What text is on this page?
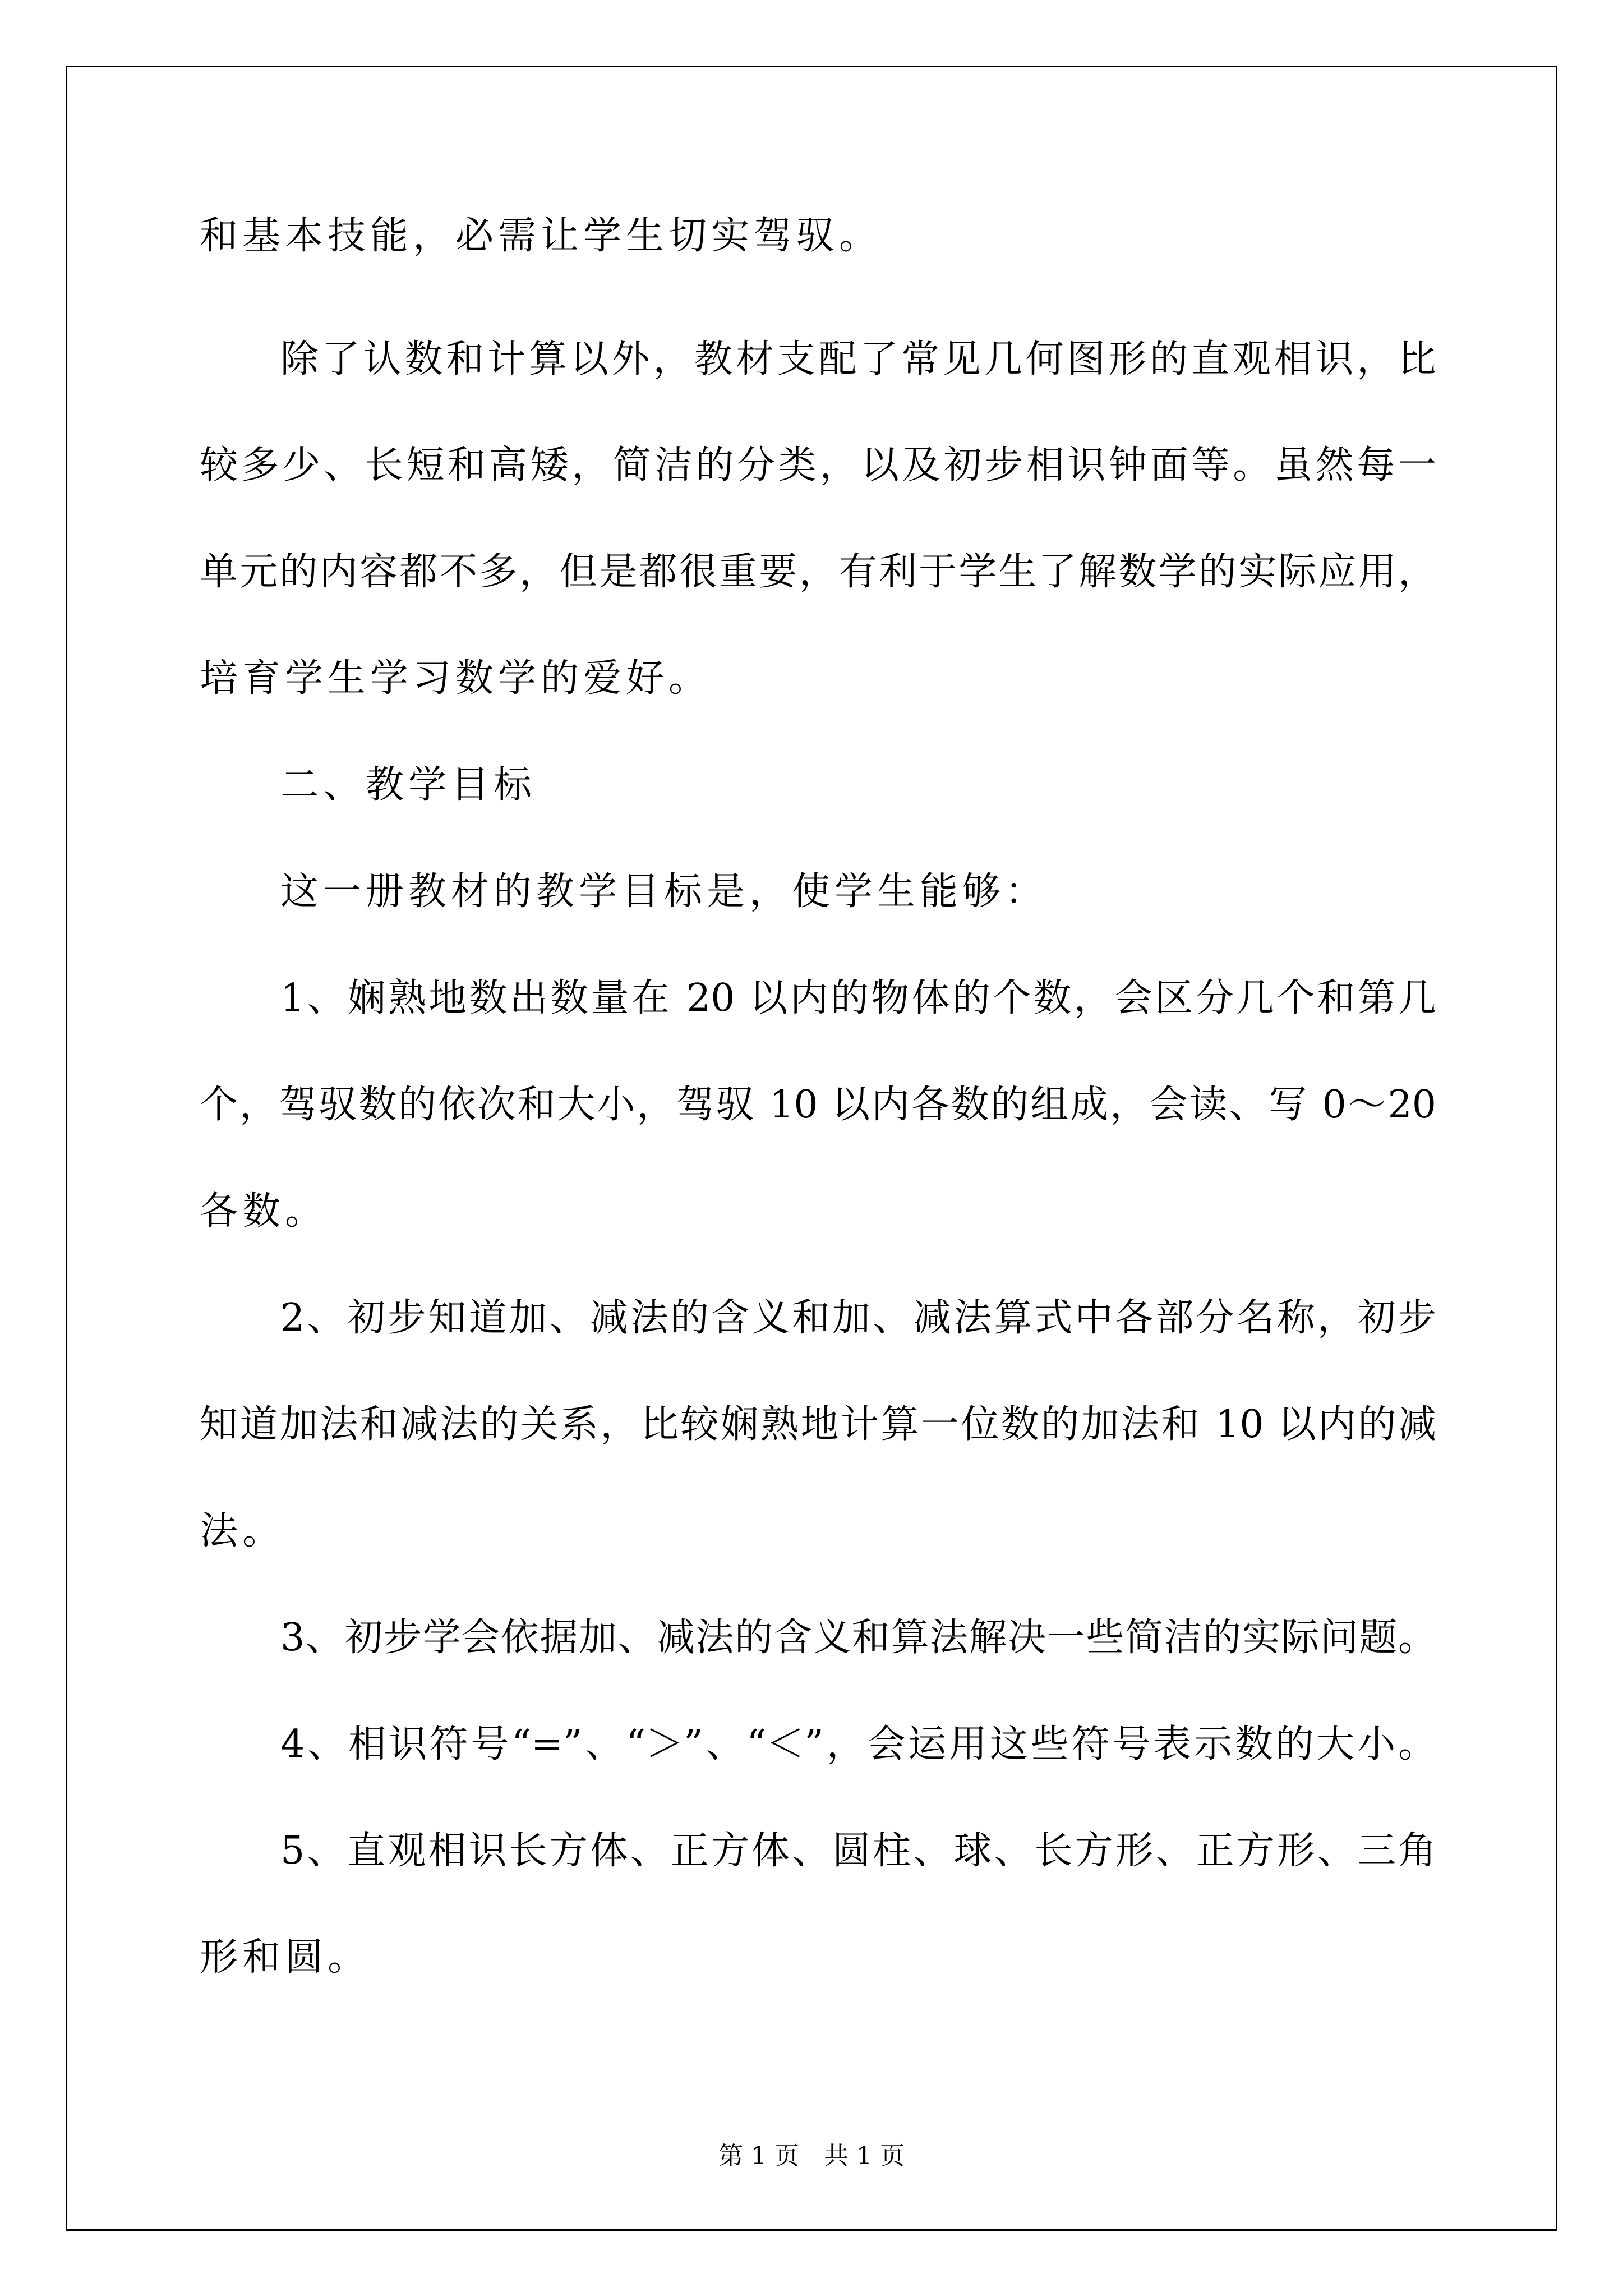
和基本技能，必需让学生切实驾驭。
除了认数和计算以外，教材支配了常见几何图形的直观相识，比
较多少、长短和高矮，简洁的分类，以及初步相识钟面等。虽然每一
单元的内容都不多，但是都很重要，有利于学生了解数学的实际应用，
培育学生学习数学的爱好。
二、教学目标
这一册教材的教学目标是，使学生能够：
1、娴熟地数出数量在 20 以内的物体的个数，会区分几个和第几
个，驾驭数的依次和大小，驾驭 10 以内各数的组成，会读、写 0～20
各数。
2、初步知道加、减法的含义和加、减法算式中各部分名称，初步
知道加法和减法的关系，比较娴熟地计算一位数的加法和 10 以内的减
法。
3、初步学会依据加、减法的含义和算法解决一些简洁的实际问题。
4、相识符号“=”、“＞”、“＜”，会运用这些符号表示数的大小。
5、直观相识长方体、正方体、圆柱、球、长方形、正方形、三角
形和圆。
第 1 页　共 1 页
